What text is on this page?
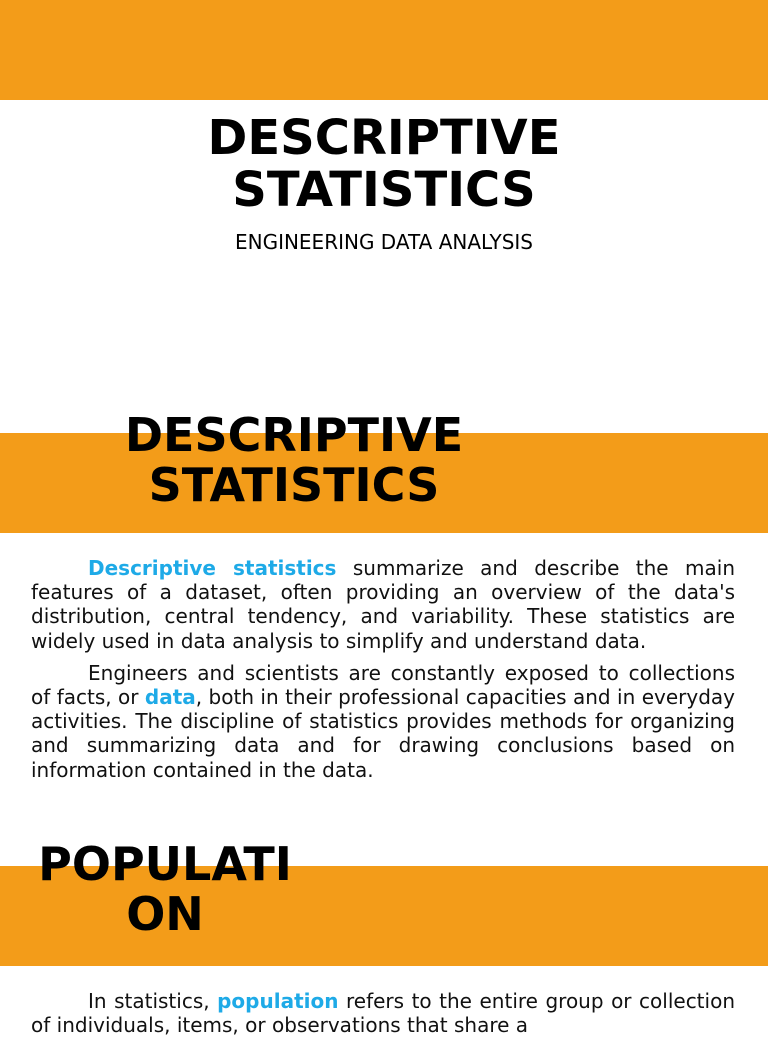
DESCRIPTIVE
STATISTICS
ENGINEERING DATA ANALYSIS
DESCRIPTIVE
STATISTICS

Descriptive statistics summarize and describe the main features of a dataset, often providing an overview of the data's distribution, central tendency, and variability. These statistics are widely used in data analysis to simplify and understand data.

Engineers and scientists are constantly exposed to collections of facts, or data, both in their professional capacities and in everyday activities. The discipline of statistics provides methods for organizing and summarizing data and for drawing conclusions based on information contained in the data.

POPULATION

In statistics, population refers to the entire group or collection of individuals, items, or observations that share a
